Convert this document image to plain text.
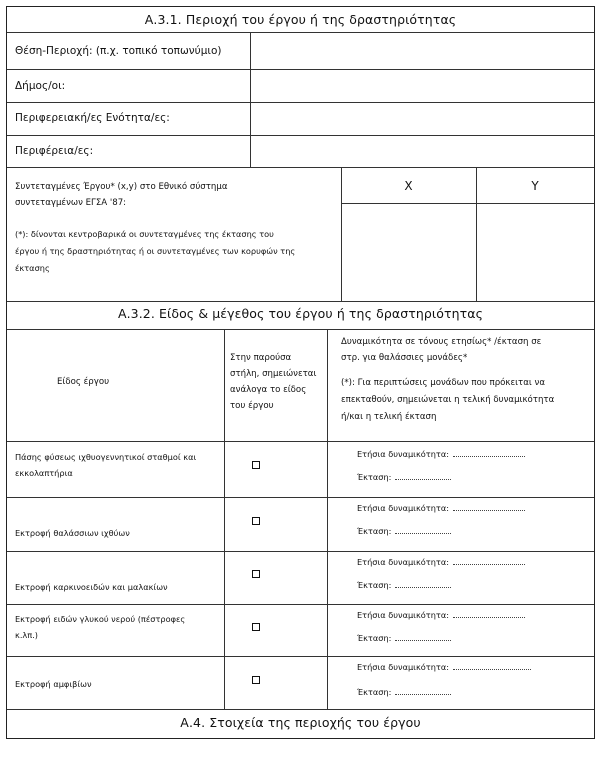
Α.3.1. Περιοχή του έργου ή της δραστηριότητας
Θέση-Περιοχή: (π.χ. τοπικό τοπωνύμιο)
Δήμος/οι:
Περιφερειακή/ες Ενότητα/ες:
Περιφέρεια/ες:
Συντεταγμένες Έργου* (x,y) στο Εθνικό σύστημα
συντεταγμένων ΕΓΣΑ '87:
(*): δίνονται κεντροβαρικά οι συντεταγμένες της έκτασης του
έργου ή της δραστηριότητας ή οι συντεταγμένες των κορυφών της
έκτασης
Χ	Υ
Α.3.2. Είδος & μέγεθος του έργου ή της δραστηριότητας
Είδος έργου
Στην παρούσα
στήλη, σημειώνεται
ανάλογα το είδος
του έργου
Δυναμικότητα σε τόνους ετησίως* /έκταση σε
στρ. για θαλάσσιες μονάδες*
(*): Για περιπτώσεις μονάδων που πρόκειται να
επεκταθούν, σημειώνεται η τελική δυναμικότητα
ή/και η τελική έκταση
Πάσης φύσεως ιχθυογεννητικοί σταθμοί και
εκκολαπτήρια
Ετήσια δυναμικότητα:
Έκταση:
Εκτροφή θαλάσσιων ιχθύων
Ετήσια δυναμικότητα:
Έκταση:
Εκτροφή καρκινοειδών και μαλακίων
Ετήσια δυναμικότητα:
Έκταση:
Εκτροφή ειδών γλυκού νερού (πέστροφες
κ.λπ.)
Ετήσια δυναμικότητα:
Έκταση:
Εκτροφή αμφιβίων
Ετήσια δυναμικότητα:
Έκταση:
Α.4. Στοιχεία της περιοχής του έργου
